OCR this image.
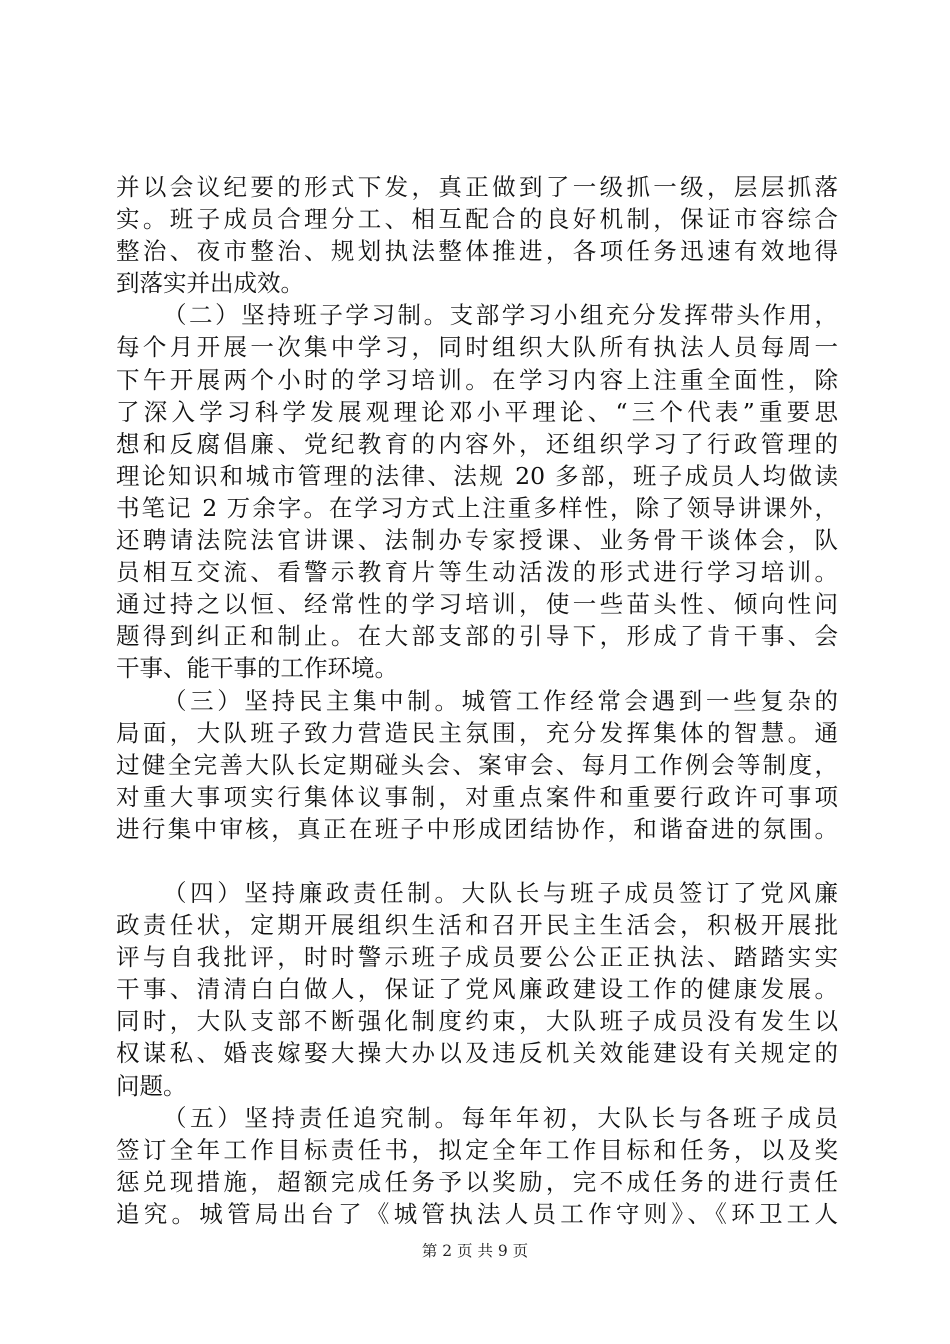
并以会议纪要的形式下发，真正做到了一级抓一级，层层抓落
实。班子成员合理分工、相互配合的良好机制，保证市容综合
整治、夜市整治、规划执法整体推进，各项任务迅速有效地得
到落实并出成效。
（二）坚持班子学习制。支部学习小组充分发挥带头作用，
每个月开展一次集中学习，同时组织大队所有执法人员每周一
下午开展两个小时的学习培训。在学习内容上注重全面性，除
了深入学习科学发展观理论邓小平理论、“三个代表”重要思
想和反腐倡廉、党纪教育的内容外，还组织学习了行政管理的
理论知识和城市管理的法律、法规 20 多部，班子成员人均做读
书笔记 2 万余字。在学习方式上注重多样性，除了领导讲课外，
还聘请法院法官讲课、法制办专家授课、业务骨干谈体会，队
员相互交流、看警示教育片等生动活泼的形式进行学习培训。
通过持之以恒、经常性的学习培训，使一些苗头性、倾向性问
题得到纠正和制止。在大部支部的引导下，形成了肯干事、会
干事、能干事的工作环境。
（三）坚持民主集中制。城管工作经常会遇到一些复杂的
局面，大队班子致力营造民主氛围，充分发挥集体的智慧。通
过健全完善大队长定期碰头会、案审会、每月工作例会等制度，
对重大事项实行集体议事制，对重点案件和重要行政许可事项
进行集中审核，真正在班子中形成团结协作，和谐奋进的氛围。
（四）坚持廉政责任制。大队长与班子成员签订了党风廉
政责任状，定期开展组织生活和召开民主生活会，积极开展批
评与自我批评，时时警示班子成员要公公正正执法、踏踏实实
干事、清清白白做人，保证了党风廉政建设工作的健康发展。
同时，大队支部不断强化制度约束，大队班子成员没有发生以
权谋私、婚丧嫁娶大操大办以及违反机关效能建设有关规定的
问题。
（五）坚持责任追究制。每年年初，大队长与各班子成员
签订全年工作目标责任书，拟定全年工作目标和任务，以及奖
惩兑现措施，超额完成任务予以奖励，完不成任务的进行责任
追究。城管局出台了《城管执法人员工作守则》、《环卫工人
第 2 页 共 9 页
